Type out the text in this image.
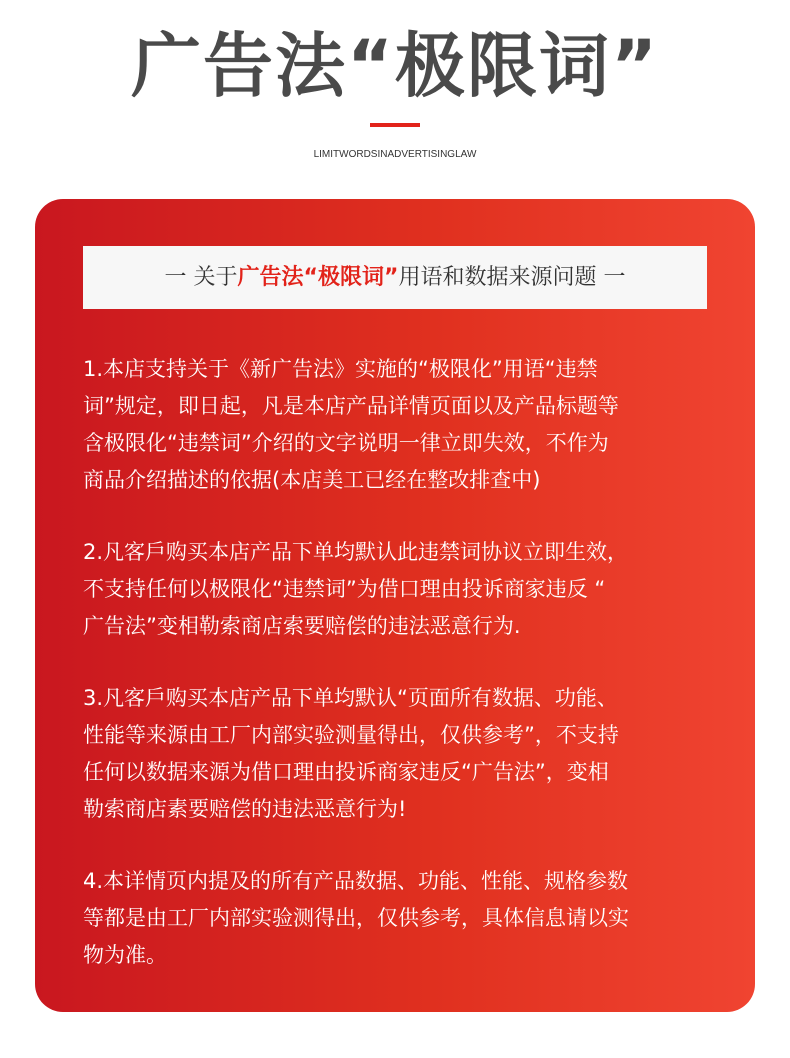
广告法“极限词”
LIMITWORDSINADVERTISINGLAW
一 关于广告法“极限词”用语和数据来源问题 一

1.本店支持关于《新广告法》实施的“极限化”用语“违禁
词”规定，即日起，凡是本店产品详情页面以及产品标题等
含极限化“违禁词”介绍的文字说明一律立即失效，不作为
商品介绍描述的依据(本店美工已经在整改排查中)

2.凡客戶购买本店产品下单均默认此违禁词协议立即生效，
不支持任何以极限化“违禁词”为借口理由投诉商家违反 “
广告法”变相勒索商店索要赔偿的违法恶意行为.

3.凡客戶购买本店产品下单均默认“页面所有数据、功能、
性能等来源由工厂内部实验测量得出，仅供参考”，不支持
任何以数据来源为借口理由投诉商家违反“广告法”，变相
勒索商店素要赔偿的违法恶意行为!

4.本详情页内提及的所有产品数据、功能、性能、规格参数
等都是由工厂内部实验测得出，仅供参考，具体信息请以实
物为准。
